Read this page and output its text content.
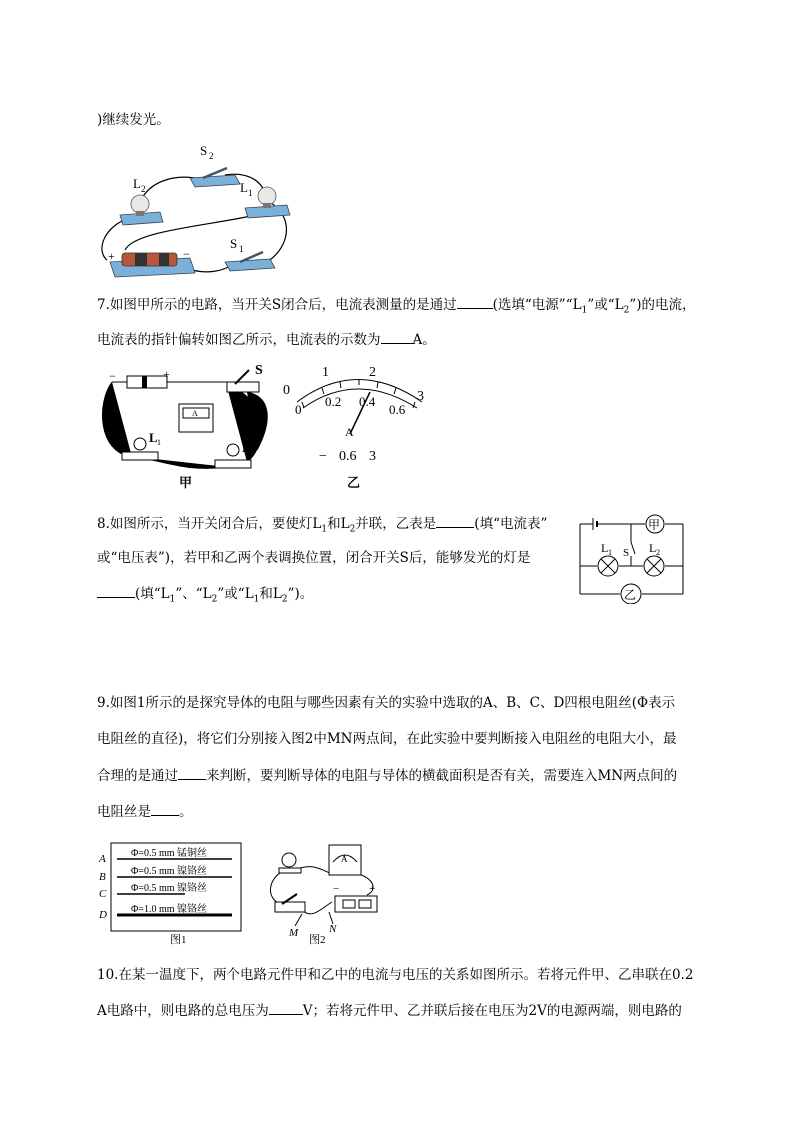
)继续发光。
S 2
L 2	L 1
S 1
+	−
7.如图甲所示的电路，当开关S闭合后，电流表测量的是通过	(选填“电源$”“L_1$”或“$L_2$”)的电流，
电流表的指针偏转如图乙所示，电流表的示数为 A。
−	+	S
A
L 1	L 2
甲
0
1	2
3
0
0.2 0.4
0.6
A
− 0.6 3
乙
8.如图所示，当开关闭合后，要使灯$L_1$和$L_2$并联，乙表是	(填“电流表”
或“电压表”)，若甲和乙两个表调换位置，闭合开关S后，能够发光的灯是
(填“$L_1$”、“$L_2$”或“$L_1$和$L_2$”)。
甲
乙
L 1 S L 2
9.如图1所示的是探究导体的电阻与哪些因素有关的实验中选取的A、B、C、D四根电阻丝(Φ表示
电阻丝的直径)，将它们分别接入图2中MN两点间，在此实验中要判断接入电阻丝的电阻大小，最
合理的是通过 来判断，要判断导体的电阻与导体的横截面积是否有关，需要连入MN两点间的
电阻丝是 。
A	Φ=0.5 mm 锰铜丝
B	Φ=0.5 mm 镍铬丝
C Φ=0.5 mm 镍铬丝
D Φ=1.0 mm 镍铬丝
图1
A
−	+
M	N
图2
10.在某一温度下，两个电路元件甲和乙中的电流与电压的关系如图所示。若将元件甲、乙串联在0.2
A电路中，则电路的总电压为	V；若将元件甲、乙并联后接在电压为2V的电源两端，则电路的
